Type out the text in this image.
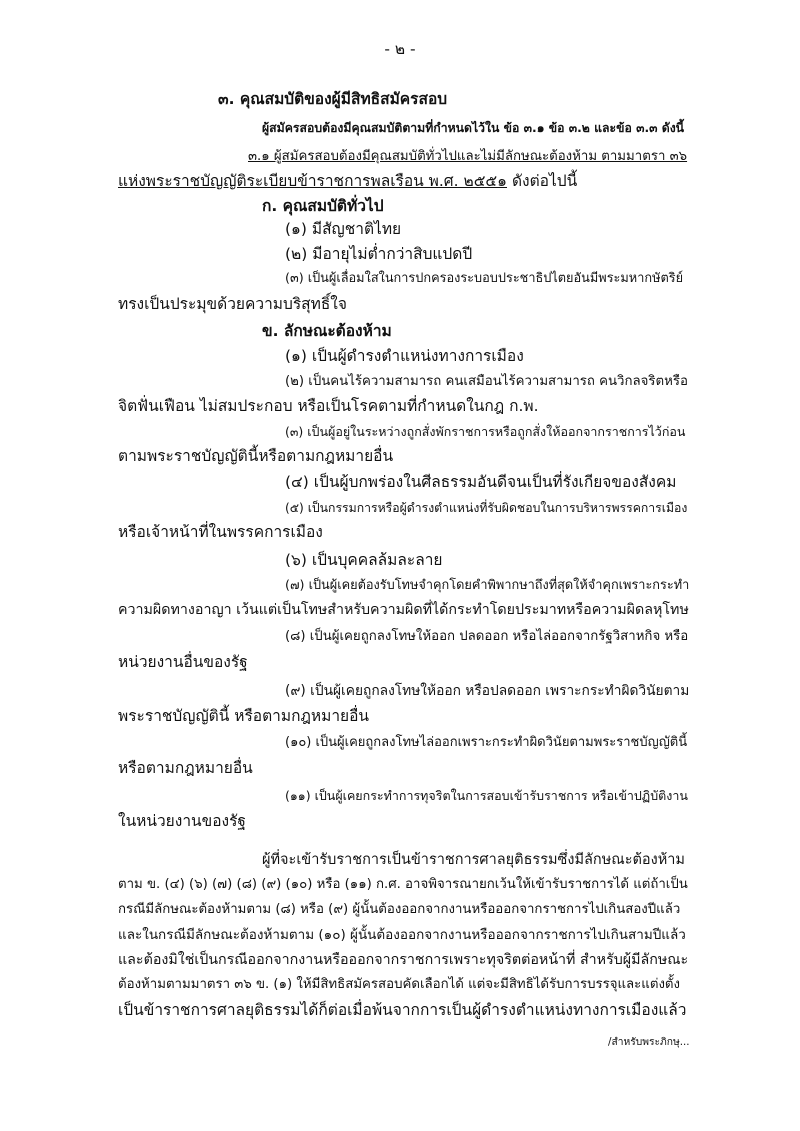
- ๒ -
๓. คุณสมบัติของผู้มีสิทธิสมัครสอบ
ผู้สมัครสอบต้องมีคุณสมบัติตามที่กำหนดไว้ใน ข้อ ๓.๑ ข้อ ๓.๒ และข้อ ๓.๓ ดังนี้
๓.๑ ผู้สมัครสอบต้องมีคุณสมบัติทั่วไปและไม่มีลักษณะต้องห้าม ตามมาตรา ๓๖
แห่งพระราชบัญญัติระเบียบข้าราชการพลเรือน พ.ศ. ๒๕๕๑ ดังต่อไปนี้
ก. คุณสมบัติทั่วไป
(๑) มีสัญชาติไทย
(๒) มีอายุไม่ต่ำกว่าสิบแปดปี
(๓) เป็นผู้เลื่อมใสในการปกครองระบอบประชาธิปไตยอันมีพระมหากษัตริย์
ทรงเป็นประมุขด้วยความบริสุทธิ์ใจ
ข. ลักษณะต้องห้าม
(๑) เป็นผู้ดำรงตำแหน่งทางการเมือง
(๒) เป็นคนไร้ความสามารถ คนเสมือนไร้ความสามารถ คนวิกลจริตหรือ
จิตฟั่นเฟือน ไม่สมประกอบ หรือเป็นโรคตามที่กำหนดในกฎ ก.พ.
(๓) เป็นผู้อยู่ในระหว่างถูกสั่งพักราชการหรือถูกสั่งให้ออกจากราชการไว้ก่อน
ตามพระราชบัญญัตินี้หรือตามกฎหมายอื่น
(๔) เป็นผู้บกพร่องในศีลธรรมอันดีจนเป็นที่รังเกียจของสังคม
(๕) เป็นกรรมการหรือผู้ดำรงตำแหน่งที่รับผิดชอบในการบริหารพรรคการเมือง
หรือเจ้าหน้าที่ในพรรคการเมือง
(๖) เป็นบุคคลล้มละลาย
(๗) เป็นผู้เคยต้องรับโทษจำคุกโดยคำพิพากษาถึงที่สุดให้จำคุกเพราะกระทำ
ความผิดทางอาญา เว้นแต่เป็นโทษสำหรับความผิดที่ได้กระทำโดยประมาทหรือความผิดลหุโทษ
(๘) เป็นผู้เคยถูกลงโทษให้ออก ปลดออก หรือไล่ออกจากรัฐวิสาหกิจ หรือ
หน่วยงานอื่นของรัฐ
(๙) เป็นผู้เคยถูกลงโทษให้ออก หรือปลดออก เพราะกระทำผิดวินัยตาม
พระราชบัญญัตินี้ หรือตามกฎหมายอื่น
(๑๐) เป็นผู้เคยถูกลงโทษไล่ออกเพราะกระทำผิดวินัยตามพระราชบัญญัตินี้
หรือตามกฎหมายอื่น
(๑๑) เป็นผู้เคยกระทำการทุจริตในการสอบเข้ารับราชการ หรือเข้าปฏิบัติงาน
ในหน่วยงานของรัฐ
ผู้ที่จะเข้ารับราชการเป็นข้าราชการศาลยุติธรรมซึ่งมีลักษณะต้องห้าม
ตาม ข. (๔) (๖) (๗) (๘) (๙) (๑๐) หรือ (๑๑) ก.ศ. อาจพิจารณายกเว้นให้เข้ารับราชการได้ แต่ถ้าเป็น
กรณีมีลักษณะต้องห้ามตาม (๘) หรือ (๙) ผู้นั้นต้องออกจากงานหรือออกจากราชการไปเกินสองปีแล้ว
และในกรณีมีลักษณะต้องห้ามตาม (๑๐) ผู้นั้นต้องออกจากงานหรือออกจากราชการไปเกินสามปีแล้ว
และต้องมิใช่เป็นกรณีออกจากงานหรือออกจากราชการเพราะทุจริตต่อหน้าที่ สำหรับผู้มีลักษณะ
ต้องห้ามตามมาตรา ๓๖ ข. (๑) ให้มีสิทธิสมัครสอบคัดเลือกได้ แต่จะมีสิทธิได้รับการบรรจุและแต่งตั้ง
เป็นข้าราชการศาลยุติธรรมได้ก็ต่อเมื่อพ้นจากการเป็นผู้ดำรงตำแหน่งทางการเมืองแล้ว
/สำหรับพระภิกษุ...
